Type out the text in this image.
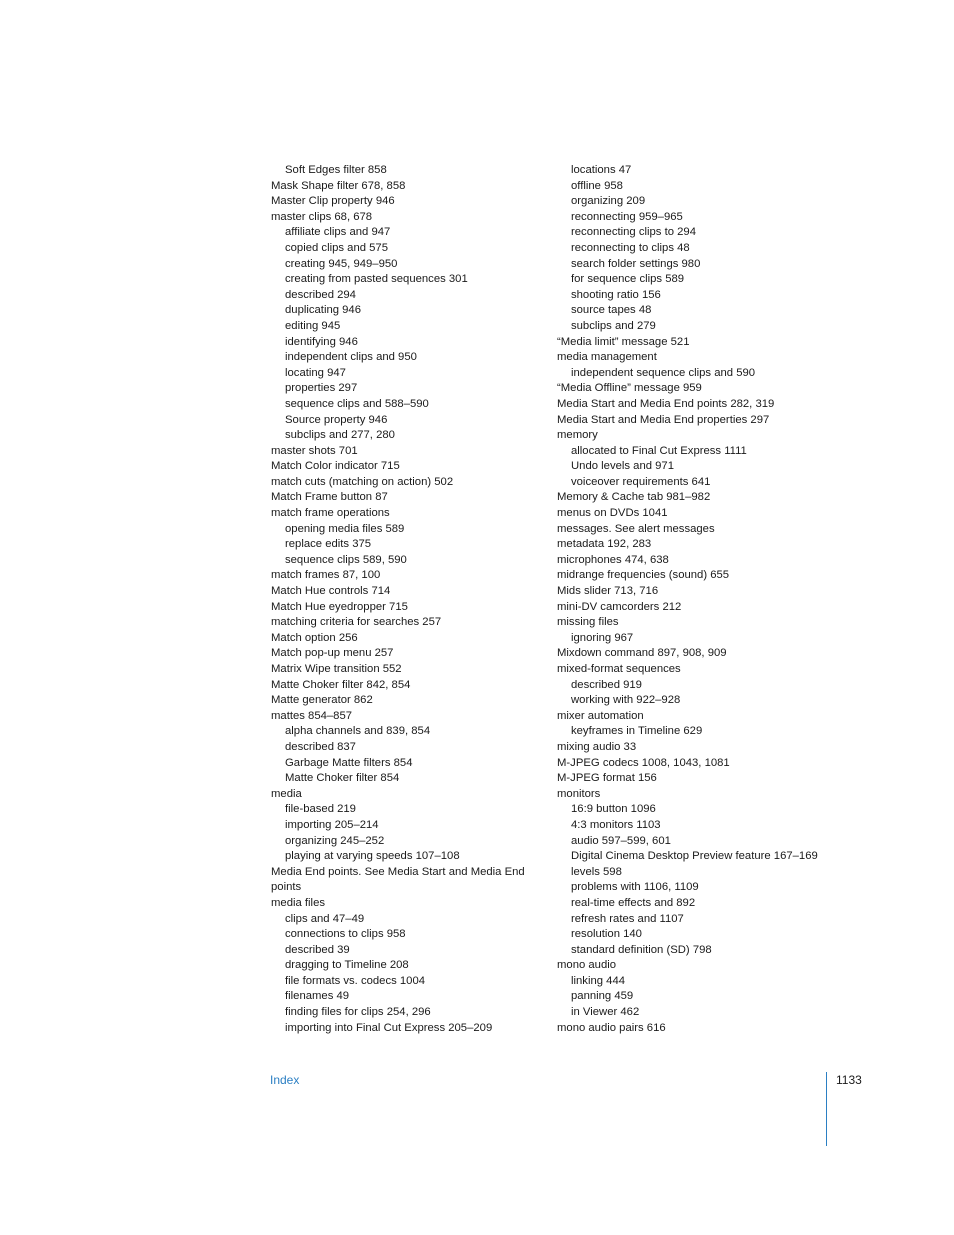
Soft Edges filter 858
Mask Shape filter 678, 858
Master Clip property 946
master clips 68, 678
affiliate clips and 947
copied clips and 575
creating 945, 949–950
creating from pasted sequences 301
described 294
duplicating 946
editing 945
identifying 946
independent clips and 950
locating 947
properties 297
sequence clips and 588–590
Source property 946
subclips and 277, 280
master shots 701
Match Color indicator 715
match cuts (matching on action) 502
Match Frame button 87
match frame operations
opening media files 589
replace edits 375
sequence clips 589, 590
match frames 87, 100
Match Hue controls 714
Match Hue eyedropper 715
matching criteria for searches 257
Match option 256
Match pop-up menu 257
Matrix Wipe transition 552
Matte Choker filter 842, 854
Matte generator 862
mattes 854–857
alpha channels and 839, 854
described 837
Garbage Matte filters 854
Matte Choker filter 854
media
file-based 219
importing 205–214
organizing 245–252
playing at varying speeds 107–108
Media End points. See Media Start and Media End points
media files
clips and 47–49
connections to clips 958
described 39
dragging to Timeline 208
file formats vs. codecs 1004
filenames 49
finding files for clips 254, 296
importing into Final Cut Express 205–209
locations 47
offline 958
organizing 209
reconnecting 959–965
reconnecting clips to 294
reconnecting to clips 48
search folder settings 980
for sequence clips 589
shooting ratio 156
source tapes 48
subclips and 279
“Media limit” message 521
media management
independent sequence clips and 590
“Media Offline” message 959
Media Start and Media End points 282, 319
Media Start and Media End properties 297
memory
allocated to Final Cut Express 1111
Undo levels and 971
voiceover requirements 641
Memory & Cache tab 981–982
menus on DVDs 1041
messages. See alert messages
metadata 192, 283
microphones 474, 638
midrange frequencies (sound) 655
Mids slider 713, 716
mini-DV camcorders 212
missing files
ignoring 967
Mixdown command 897, 908, 909
mixed-format sequences
described 919
working with 922–928
mixer automation
keyframes in Timeline 629
mixing audio 33
M-JPEG codecs 1008, 1043, 1081
M-JPEG format 156
monitors
16:9 button 1096
4:3 monitors 1103
audio 597–599, 601
Digital Cinema Desktop Preview feature 167–169
levels 598
problems with 1106, 1109
real-time effects and 892
refresh rates and 1107
resolution 140
standard definition (SD) 798
mono audio
linking 444
panning 459
in Viewer 462
mono audio pairs 616
Index	1133
